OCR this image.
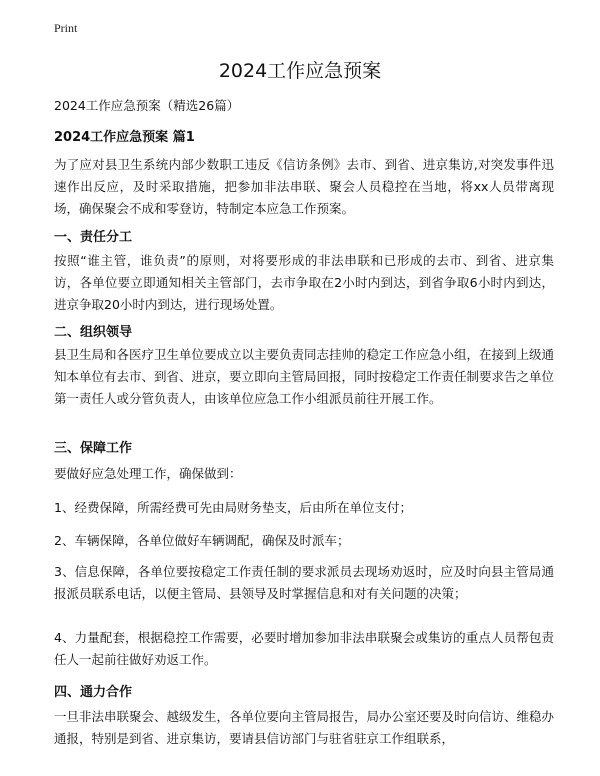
Print
2024工作应急预案
2024工作应急预案（精选26篇）
2024工作应急预案 篇1
为了应对县卫生系统内部少数职工违反《信访条例》去市、到省、进京集访,对突发事件迅速作出反应，及时采取措施，把参加非法串联、聚会人员稳控在当地，将xx人员带离现场，确保聚会不成和零登访，特制定本应急工作预案。
一、责任分工
按照“谁主管，谁负责”的原则，对将要形成的非法串联和已形成的去市、到省、进京集访，各单位要立即通知相关主管部门，去市争取在2小时内到达，到省争取6小时内到达，进京争取20小时内到达，进行现场处置。
二、组织领导
县卫生局和各医疗卫生单位要成立以主要负责同志挂帅的稳定工作应急小组，在接到上级通知本单位有去市、到省、进京，要立即向主管局回报，同时按稳定工作责任制要求告之单位第一责任人或分管负责人，由该单位应急工作小组派员前往开展工作。
三、保障工作
要做好应急处理工作，确保做到：
1、经费保障，所需经费可先由局财务垫支，后由所在单位支付；
2、车辆保障，各单位做好车辆调配，确保及时派车；
3、信息保障，各单位要按稳定工作责任制的要求派员去现场劝返时，应及时向县主管局通报派员联系电话，以便主管局、县领导及时掌握信息和对有关问题的决策；
4、力量配套，根据稳控工作需要，必要时增加参加非法串联聚会或集访的重点人员帮包责任人一起前往做好劝返工作。
四、通力合作
一旦非法串联聚会、越级发生，各单位要向主管局报告，局办公室还要及时向信访、维稳办通报，特别是到省、进京集访，要请县信访部门与驻省驻京工作组联系，
